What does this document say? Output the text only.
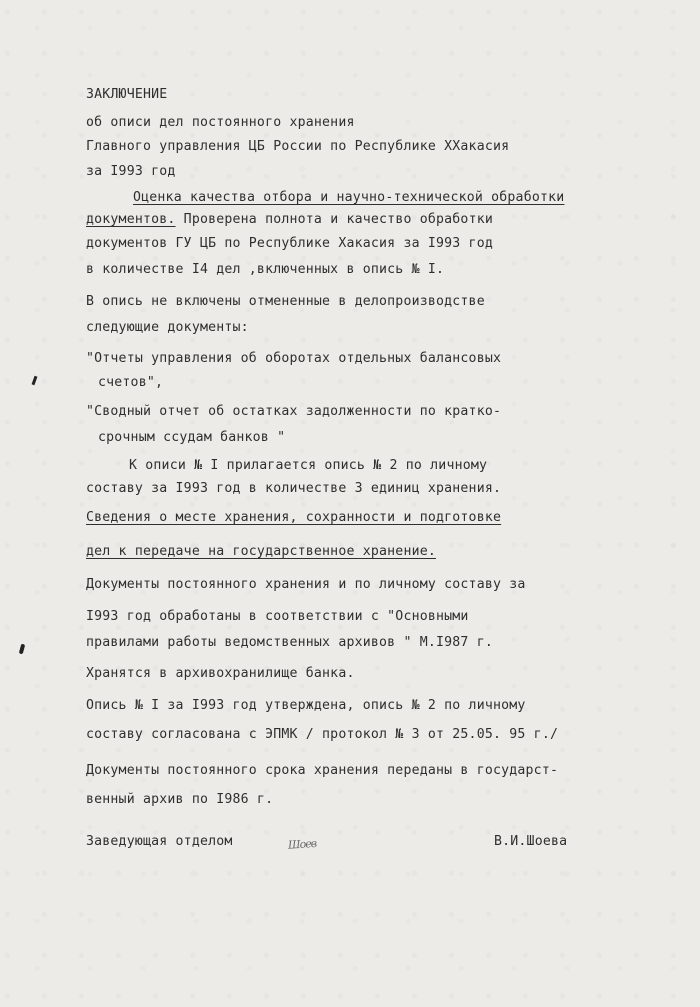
ЗАКЛЮЧЕНИЕ
об описи дел постоянного хранения
Главного управления ЦБ России по Республике ХХакасия
за I993 год
Оценка качества отбора и научно-технической обработки
документов. Проверена полнота и качество обработки
документов ГУ ЦБ по Республике Хакасия за I993 год
в количестве I4 дел ,включенных в опись № I.
В опись не включены отмененные в делопроизводстве
следующие документы:
"Отчеты управления об оборотах отдельных балансовых
счетов",
"Сводный отчет об остатках задолженности по кратко-
срочным ссудам банков "
К описи № I прилагается опись № 2 по личному
составу за I993 год в количестве 3 единиц хранения.
Сведения о месте хранения, сохранности и подготовке
дел к передаче на государственное хранение.
Документы постоянного хранения и по личному составу за
I993 год обработаны в соответствии с "Основными
правилами работы ведомственных архивов " М.I987 г.
Хранятся в архивохранилище банка.
Опись № I за I993 год утверждена, опись № 2 по личному
составу согласована с ЭПМК / протокол № 3 от 25.05. 95 г./
Документы постоянного срока хранения переданы в государст-
венный архив по I986 г.
Заведующая отделом	Шоев	В.И.Шоева
